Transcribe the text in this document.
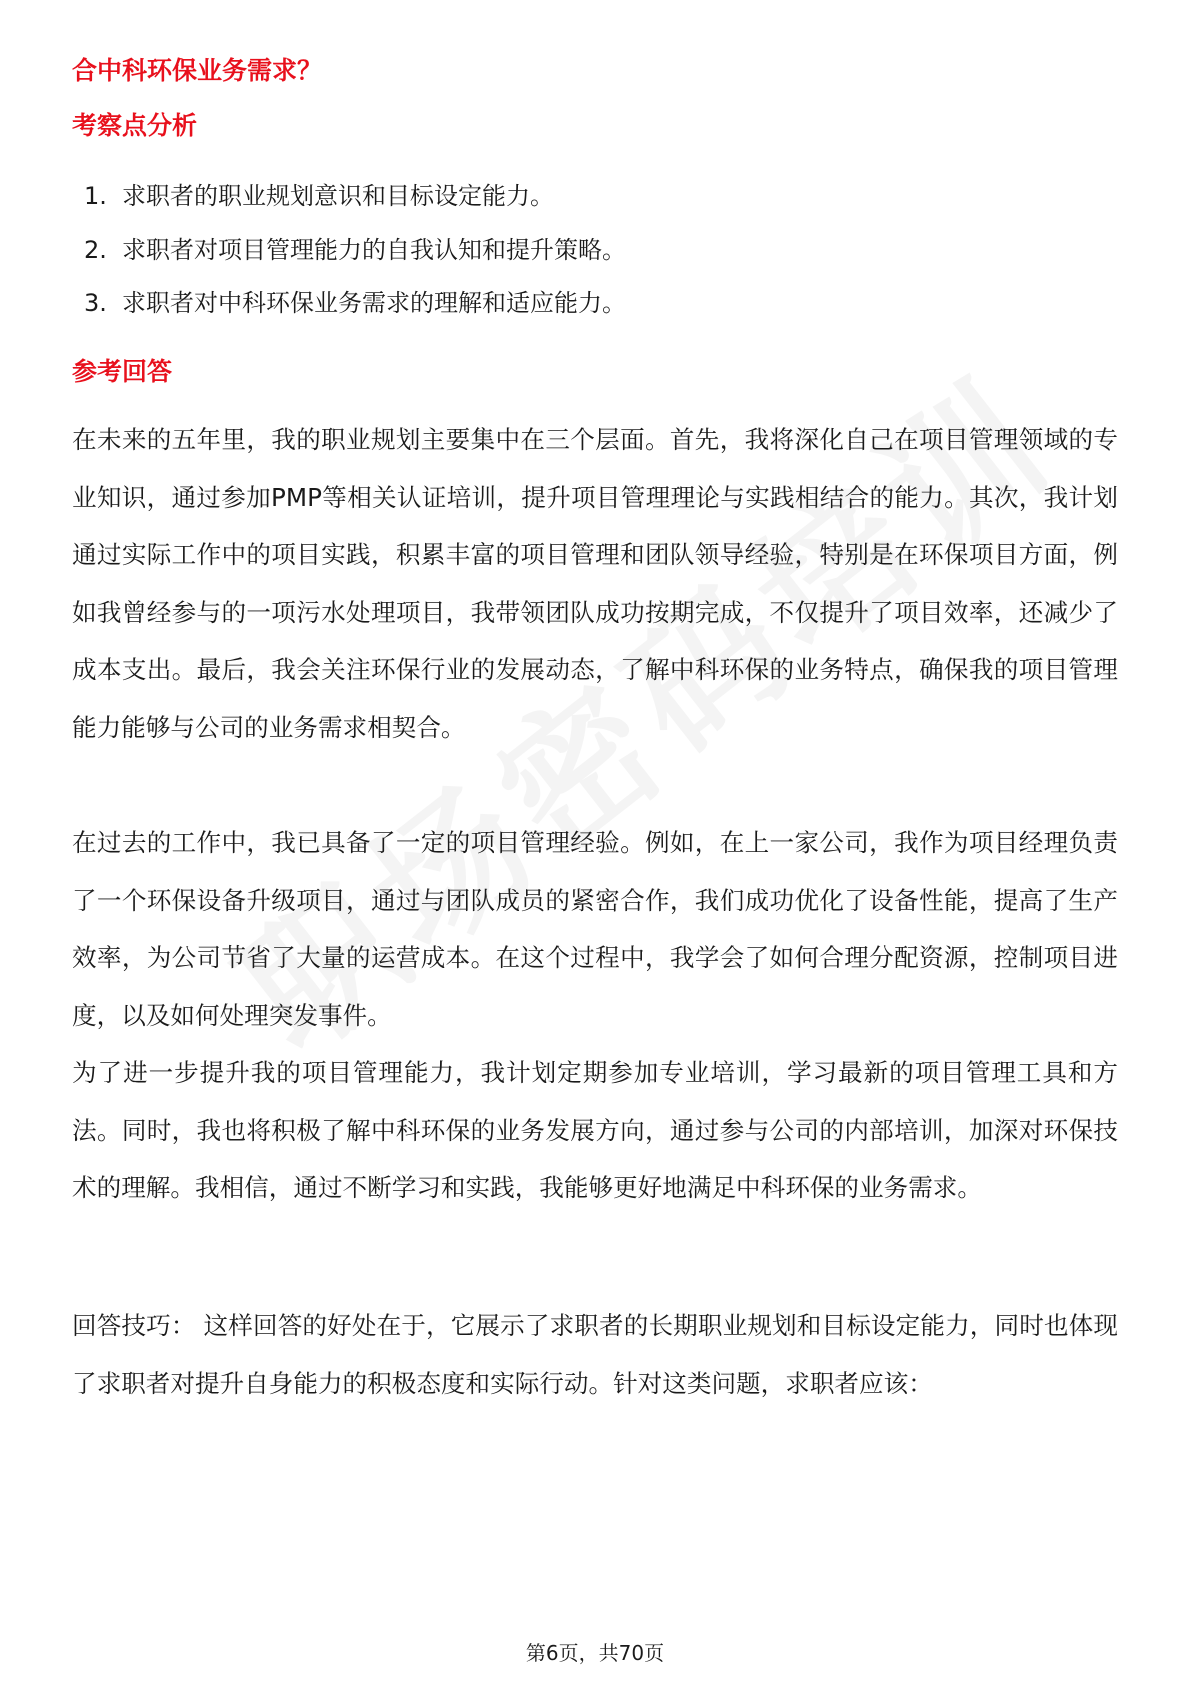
合中科环保业务需求？
考察点分析
1. 求职者的职业规划意识和目标设定能力。
2. 求职者对项目管理能力的自我认知和提升策略。
3. 求职者对中科环保业务需求的理解和适应能力。
参考回答
在未来的五年里，我的职业规划主要集中在三个层面。首先，我将深化自己在项目管理领域的专业知识，通过参加PMP等相关认证培训，提升项目管理理论与实践相结合的能力。其次，我计划通过实际工作中的项目实践，积累丰富的项目管理和团队领导经验，特别是在环保项目方面，例如我曾经参与的一项污水处理项目，我带领团队成功按期完成，不仅提升了项目效率，还减少了成本支出。最后，我会关注环保行业的发展动态，了解中科环保的业务特点，确保我的项目管理能力能够与公司的业务需求相契合。
在过去的工作中，我已具备了一定的项目管理经验。例如，在上一家公司，我作为项目经理负责了一个环保设备升级项目，通过与团队成员的紧密合作，我们成功优化了设备性能，提高了生产效率，为公司节省了大量的运营成本。在这个过程中，我学会了如何合理分配资源，控制项目进度，以及如何处理突发事件。
为了进一步提升我的项目管理能力，我计划定期参加专业培训，学习最新的项目管理工具和方法。同时，我也将积极了解中科环保的业务发展方向，通过参与公司的内部培训，加深对环保技术的理解。我相信，通过不断学习和实践，我能够更好地满足中科环保的业务需求。
回答技巧： 这样回答的好处在于，它展示了求职者的长期职业规划和目标设定能力，同时也体现了求职者对提升自身能力的积极态度和实际行动。针对这类问题，求职者应该：
第6页，共70页
